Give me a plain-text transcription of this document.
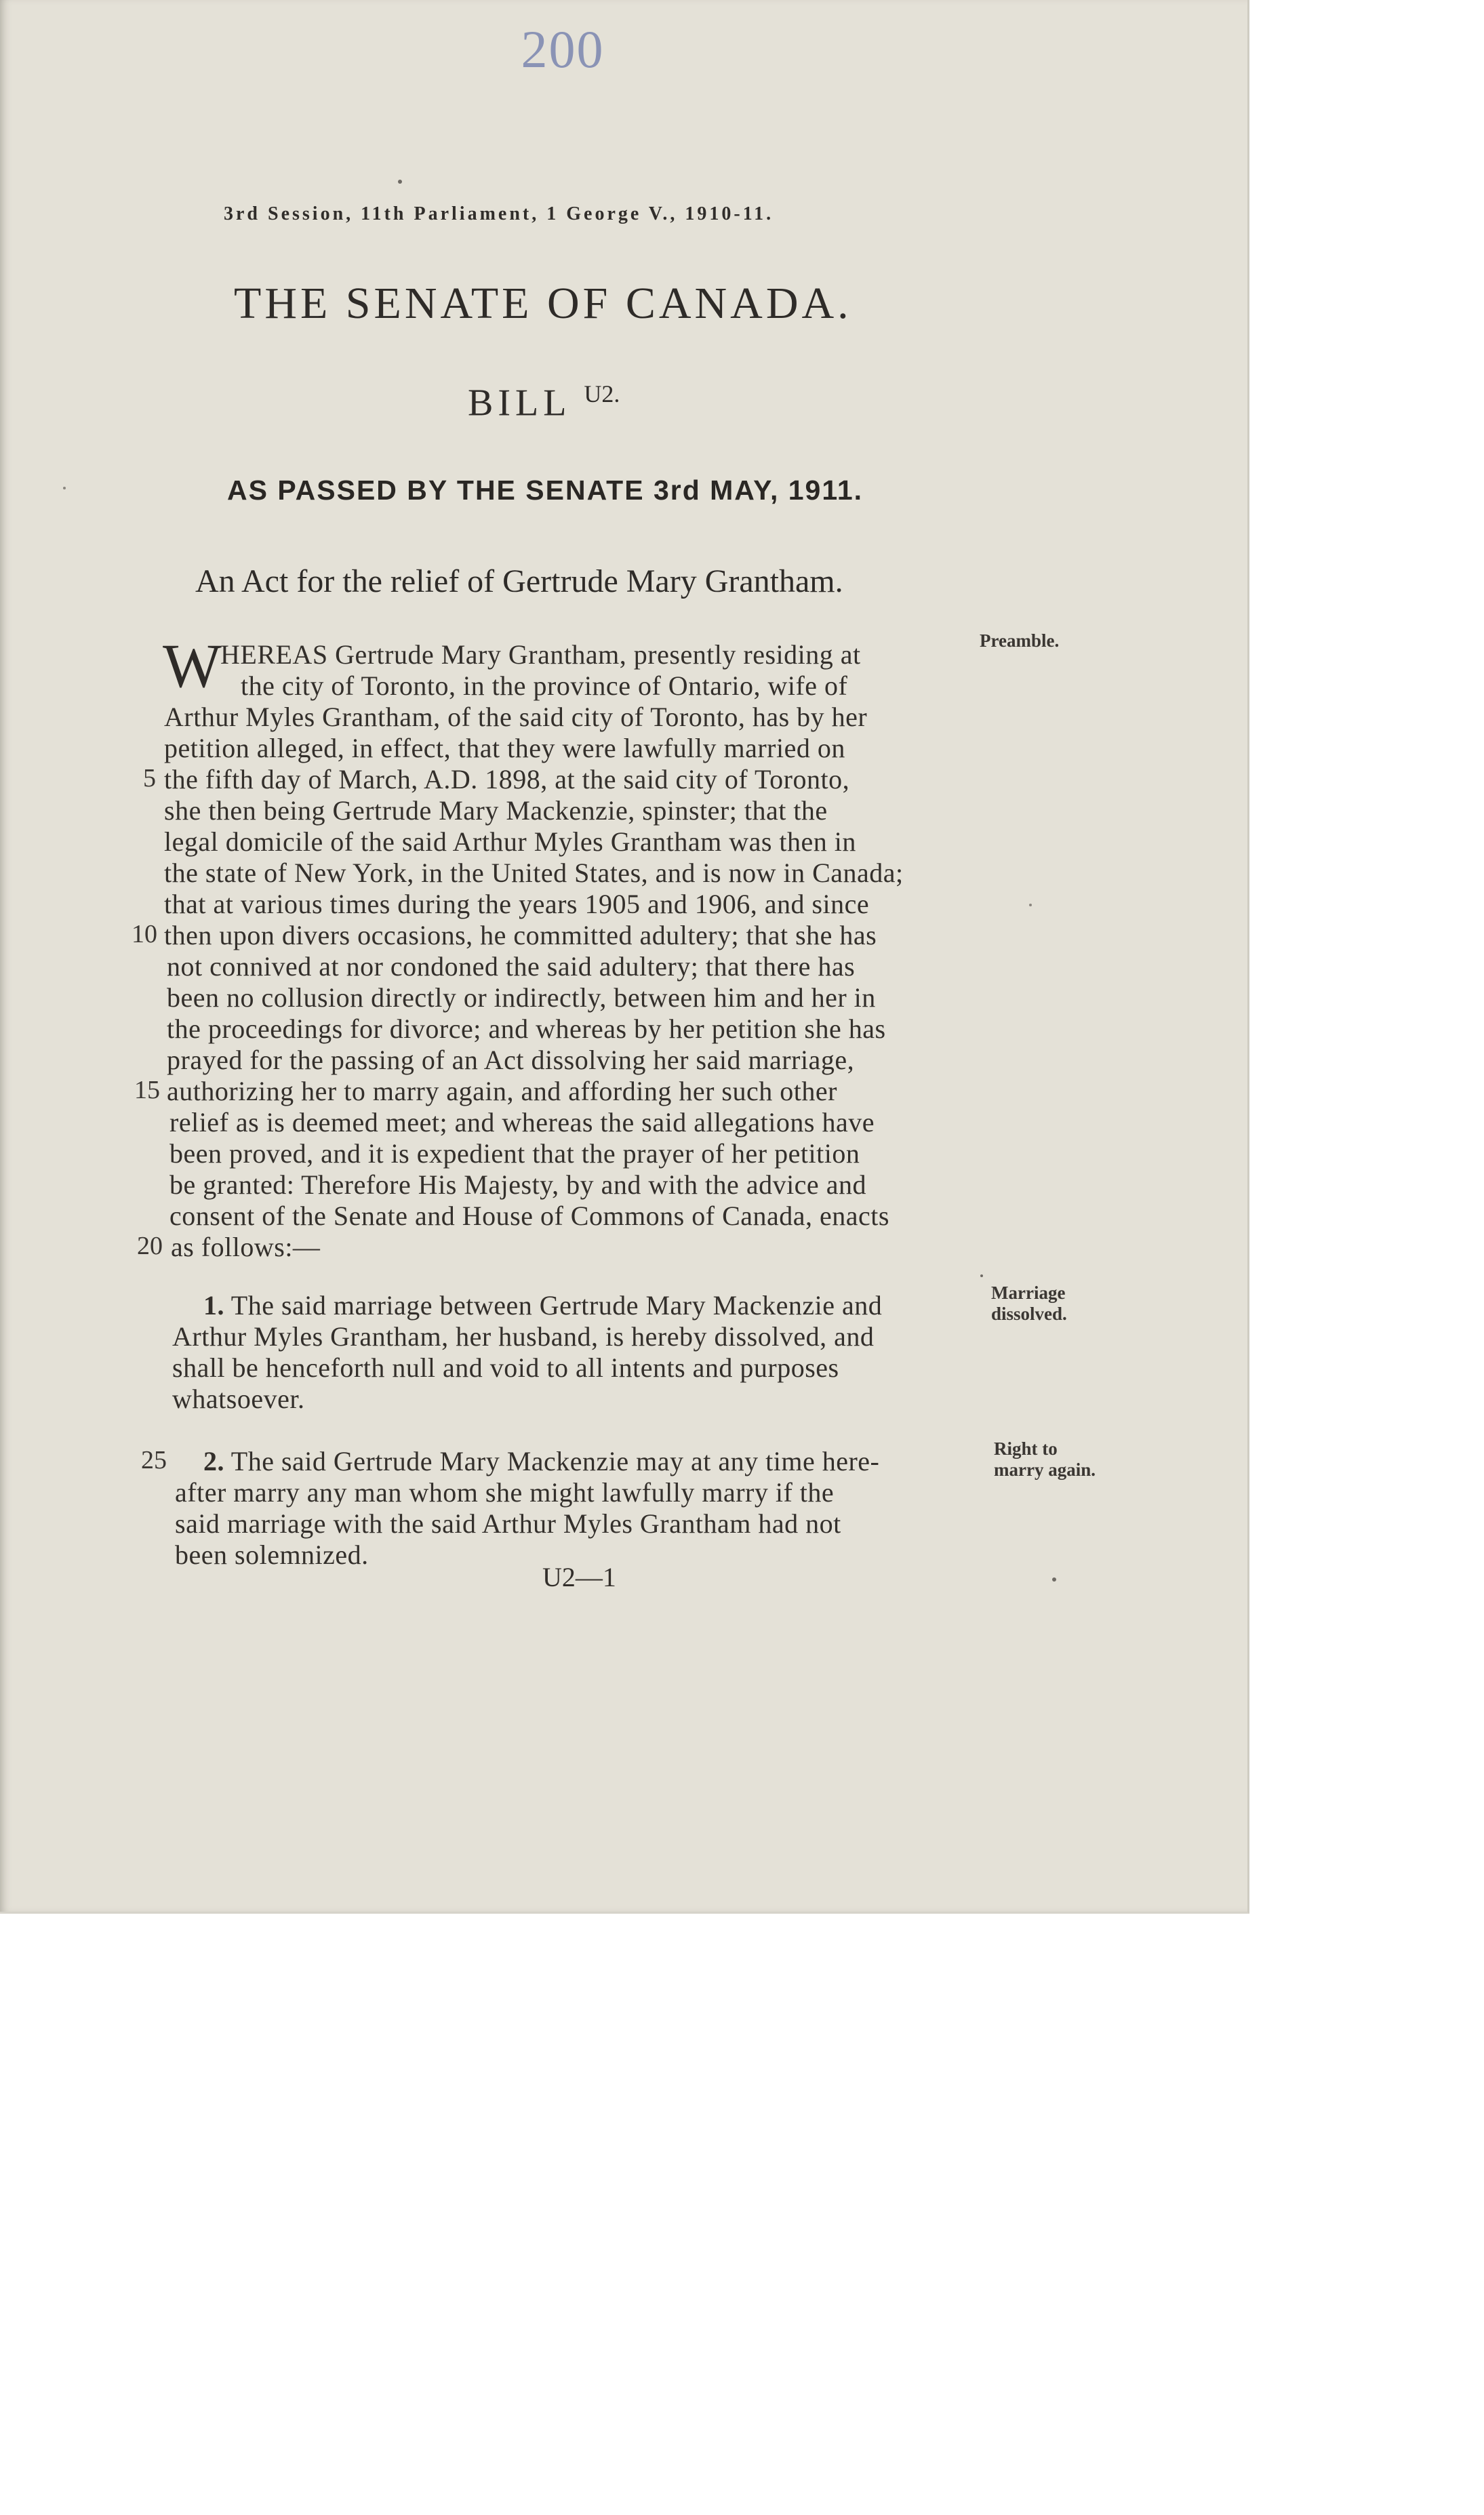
200

3rd Session, 11th Parliament, 1 George V., 1910-11.

THE SENATE OF CANADA.

BILL $^{U2.}$

AS PASSED BY THE SENATE 3rd MAY, 1911.

An Act for the relief of Gertrude Mary Grantham.

W

HEREAS Gertrude Mary Grantham, presently residing at

the city of Toronto, in the province of Ontario, wife of

Arthur Myles Grantham, of the said city of Toronto, has by her

petition alleged, in effect, that they were lawfully married on

5 the fifth day of March, A.D. 1898, at the said city of Toronto,

she then being Gertrude Mary Mackenzie, spinster; that the

legal domicile of the said Arthur Myles Grantham was then in

the state of New York, in the United States, and is now in Canada;

that at various times during the years 1905 and 1906, and since

10 then upon divers occasions, he committed adultery; that she has

not connived at nor condoned the said adultery; that there has

been no collusion directly or indirectly, between him and her in

the proceedings for divorce; and whereas by her petition she has

prayed for the passing of an Act dissolving her said marriage,

15 authorizing her to marry again, and affording her such other

relief as is deemed meet; and whereas the said allegations have

been proved, and it is expedient that the prayer of her petition

be granted: Therefore His Majesty, by and with the advice and

consent of the Senate and House of Commons of Canada, enacts

20 as follows:—

Preamble.

1. The said marriage between Gertrude Mary Mackenzie and

Arthur Myles Grantham, her husband, is hereby dissolved, and

shall be henceforth null and void to all intents and purposes

whatsoever.

Marriage
dissolved.

25 2. The said Gertrude Mary Mackenzie may at any time here-

after marry any man whom she might lawfully marry if the

said marriage with the said Arthur Myles Grantham had not

been solemnized.

Right to
marry again.

U2—1
